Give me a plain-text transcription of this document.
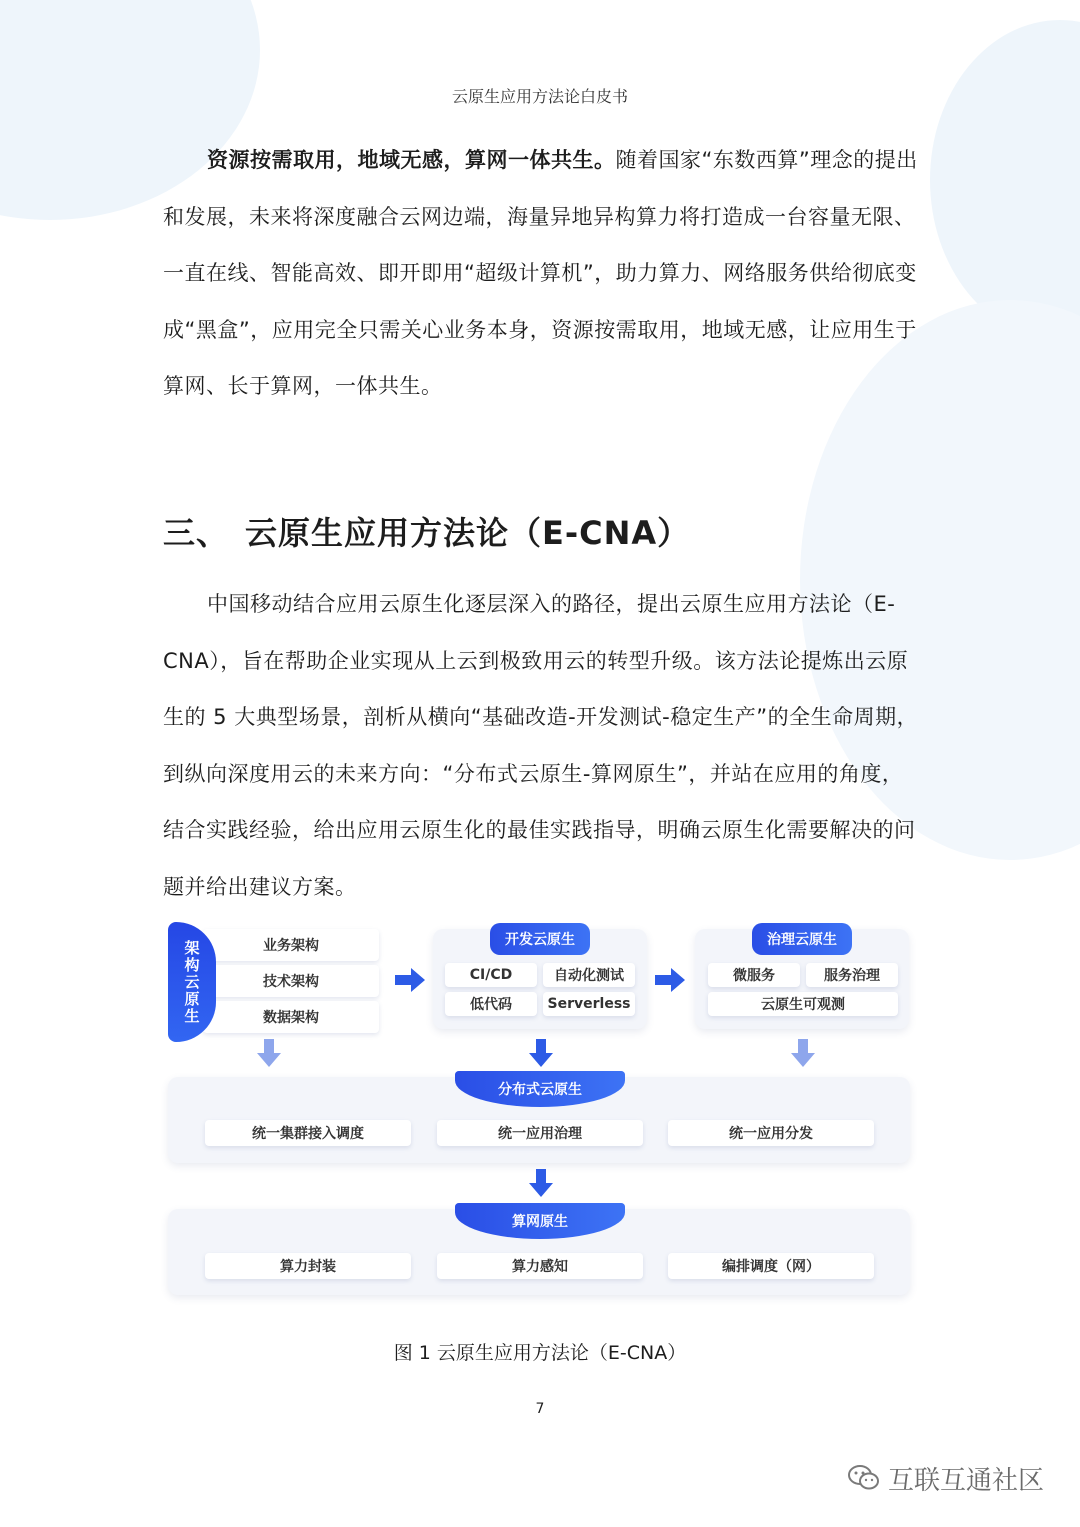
云原生应用方法论白皮书

资源按需取用，地域无感，算网一体共生。随着国家“东数西算”理念的提出和发展，未来将深度融合云网边端，海量异地异构算力将打造成一台容量无限、一直在线、智能高效、即开即用“超级计算机”，助力算力、网络服务供给彻底变成“黑盒”，应用完全只需关心业务本身，资源按需取用，地域无感，让应用生于算网、长于算网，一体共生。

三、 云原生应用方法论（E-CNA）

中国移动结合应用云原生化逐层深入的路径，提出云原生应用方法论（E-CNA），旨在帮助企业实现从上云到极致用云的转型升级。该方法论提炼出云原生的 5 大典型场景，剖析从横向“基础改造-开发测试-稳定生产”的全生命周期，到纵向深度用云的未来方向：“分布式云原生-算网原生”，并站在应用的角度，结合实践经验，给出应用云原生化的最佳实践指导，明确云原生化需要解决的问题并给出建议方案。

业务架构
技术架构
数据架构
架构云原生	开发云原生
CI/CD	自动化测试
低代码	Serverless
治理云原生
微服务	服务治理
云原生可观测
分布式云原生
统一集群接入调度	统一应用治理	统一应用分发
算网原生
算力封装	算力感知	编排调度（网）
图 1 云原生应用方法论（E-CNA）
7
互联互通社区
